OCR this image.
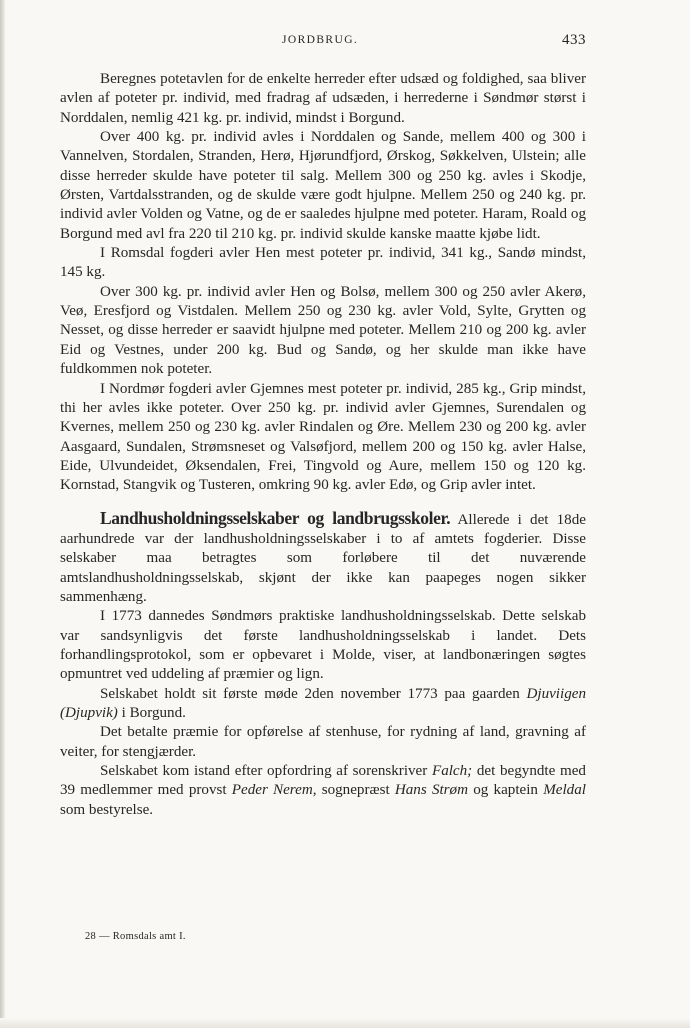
JORDBRUG.	433

Beregnes potetavlen for de enkelte herreder efter udsæd og foldighed, saa bliver avlen af poteter pr. individ, med fradrag af udsæden, i herrederne i Søndmør størst i Norddalen, nemlig 421 kg. pr. individ, mindst i Borgund.

Over 400 kg. pr. individ avles i Norddalen og Sande, mellem 400 og 300 i Vannelven, Stordalen, Stranden, Herø, Hjørundfjord, Ørskog, Søkkelven, Ulstein; alle disse herreder skulde have poteter til salg. Mellem 300 og 250 kg. avles i Skodje, Ørsten, Vartdalsstranden, og de skulde være godt hjulpne. Mellem 250 og 240 kg. pr. individ avler Volden og Vatne, og de er saaledes hjulpne med poteter. Haram, Roald og Borgund med avl fra 220 til 210 kg. pr. individ skulde kanske maatte kjøbe lidt.

I Romsdal fogderi avler Hen mest poteter pr. individ, 341 kg., Sandø mindst, 145 kg.

Over 300 kg. pr. individ avler Hen og Bolsø, mellem 300 og 250 avler Akerø, Veø, Eresfjord og Vistdalen. Mellem 250 og 230 kg. avler Vold, Sylte, Grytten og Nesset, og disse herreder er saavidt hjulpne med poteter. Mellem 210 og 200 kg. avler Eid og Vestnes, under 200 kg. Bud og Sandø, og her skulde man ikke have fuldkommen nok poteter.

I Nordmør fogderi avler Gjemnes mest poteter pr. individ, 285 kg., Grip mindst, thi her avles ikke poteter. Over 250 kg. pr. individ avler Gjemnes, Surendalen og Kvernes, mellem 250 og 230 kg. avler Rindalen og Øre. Mellem 230 og 200 kg. avler Aasgaard, Sundalen, Strømsneset og Valsøfjord, mellem 200 og 150 kg. avler Halse, Eide, Ulvundeidet, Øksendalen, Frei, Tingvold og Aure, mellem 150 og 120 kg. Kornstad, Stangvik og Tusteren, omkring 90 kg. avler Edø, og Grip avler intet.

Landhusholdningsselskaber og landbrugsskoler. Allerede i det 18de aarhundrede var der landhusholdningsselskaber i to af amtets fogderier. Disse selskaber maa betragtes som forløbere til det nuværende amtslandhusholdningsselskab, skjønt der ikke kan paapeges nogen sikker sammenhæng.

I 1773 dannedes Søndmørs praktiske landhusholdningsselskab. Dette selskab var sandsynligvis det første landhusholdningsselskab i landet. Dets forhandlingsprotokol, som er opbevaret i Molde, viser, at landbonæringen søgtes opmuntret ved uddeling af præmier og lign.

Selskabet holdt sit første møde 2den november 1773 paa gaarden Djuviigen (Djupvik) i Borgund.

Det betalte præmie for opførelse af stenhuse, for rydning af land, gravning af veiter, for stengjærder.

Selskabet kom istand efter opfordring af sorenskriver Falch; det begyndte med 39 medlemmer med provst Peder Nerem, sognepræst Hans Strøm og kaptein Meldal som bestyrelse.

28 — Romsdals amt I.
